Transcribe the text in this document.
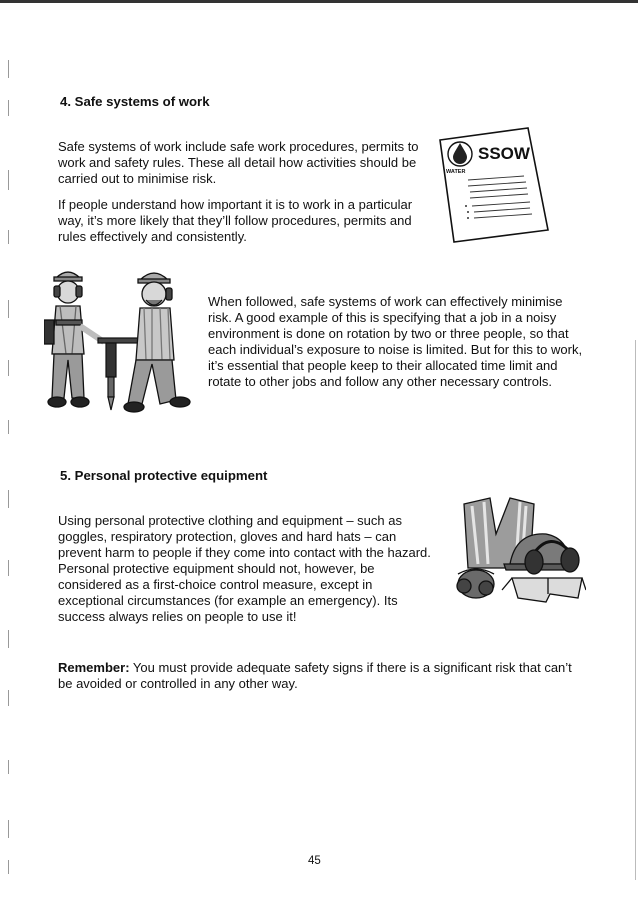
4. Safe systems of work
Safe systems of work include safe work procedures, permits to work and safety rules. These all detail how activities should be carried out to minimise risk.
If people understand how important it is to work in a particular way, it’s more likely that they’ll follow procedures, permits and rules effectively and consistently.
SSOW
WATER
When followed, safe systems of work can effectively minimise risk. A good example of this is specifying that a job in a noisy environment is done on rotation by two or three people, so that each individual’s exposure to noise is limited. But for this to work, it’s essential that people keep to their allocated time limit and rotate to other jobs and follow any other necessary controls.
5. Personal protective equipment
Using personal protective clothing and equipment – such as goggles, respiratory protection, gloves and hard hats – can prevent harm to people if they come into contact with the hazard. Personal protective equipment should not, however, be considered as a first-choice control measure, except in exceptional circumstances (for example an emergency). Its success always relies on people to use it!
Remember: You must provide adequate safety signs if there is a significant risk that can’t be avoided or controlled in any other way.
45
